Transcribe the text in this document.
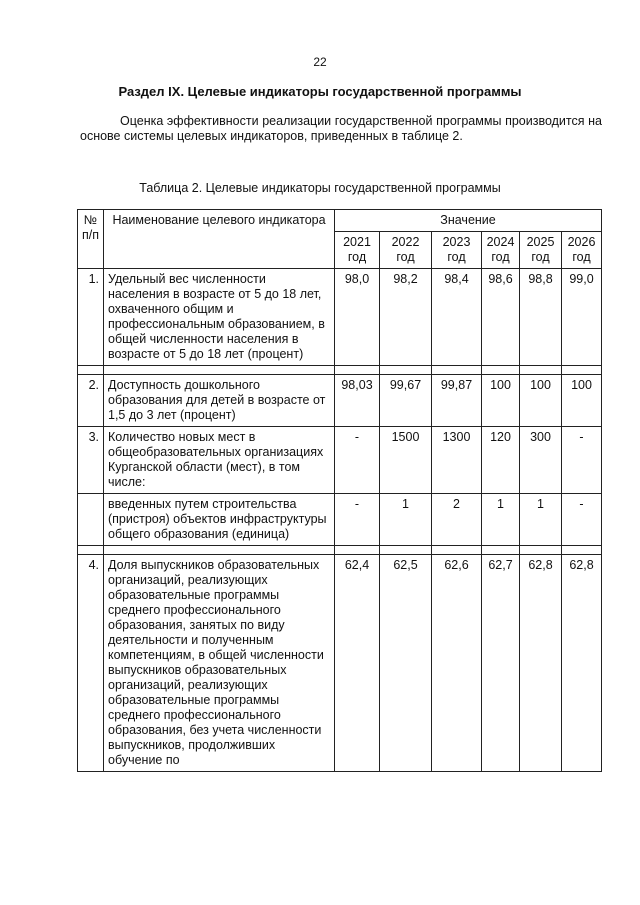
22
Раздел IX. Целевые индикаторы государственной программы
Оценка эффективности реализации государственной программы производится на основе системы целевых индикаторов, приведенных в таблице 2.
Таблица 2. Целевые индикаторы государственной программы
№ п/п	Наименование целевого индикатора	Значение					
		2021 год	2022 год	2023 год	2024 год	2025 год	2026 год
1.	Удельный вес численности населения в возрасте от 5 до 18 лет, охваченного общим и профессиональным образованием, в общей численности населения в возрасте от 5 до 18 лет (процент)	98,0	98,2	98,4	98,6	98,8	99,0

2.	Доступность дошкольного образования для детей в возрасте от 1,5 до 3 лет (процент)	98,03	99,67	99,87	100	100	100
3.	Количество новых мест в общеобразовательных организациях Курганской области (мест), в том числе:	-	1500	1300	120	300	-
	введенных путем строительства (пристроя) объектов инфраструктуры общего образования (единица)	-	1	2	1	1	-

4.	Доля выпускников образовательных организаций, реализующих образовательные программы среднего профессионального образования, занятых по виду деятельности и полученным компетенциям, в общей численности выпускников образовательных организаций, реализующих образовательные программы среднего профессионального образования, без учета численности выпускников, продолживших обучение по	62,4	62,5	62,6	62,7	62,8	62,8
